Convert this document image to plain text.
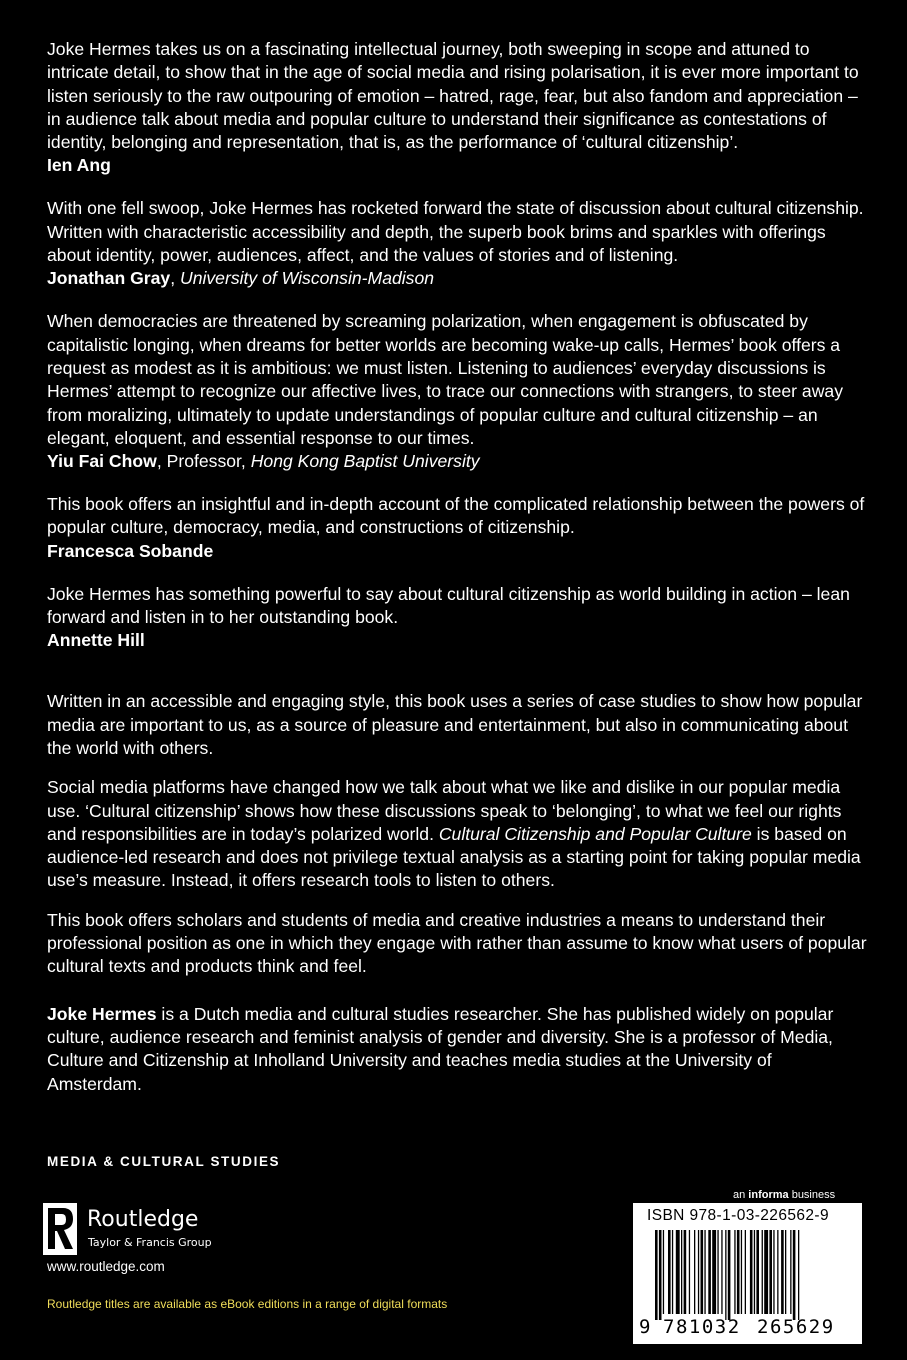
Joke Hermes takes us on a fascinating intellectual journey, both sweeping in scope and attuned to intricate detail, to show that in the age of social media and rising polarisation, it is ever more important to listen seriously to the raw outpouring of emotion – hatred, rage, fear, but also fandom and appreciation – in audience talk about media and popular culture to understand their significance as contestations of identity, belonging and representation, that is, as the performance of ‘cultural citizenship’.

Ien Ang

With one fell swoop, Joke Hermes has rocketed forward the state of discussion about cultural citizenship. Written with characteristic accessibility and depth, the superb book brims and sparkles with offerings about identity, power, audiences, affect, and the values of stories and of listening.

Jonathan Gray, University of Wisconsin-Madison

When democracies are threatened by screaming polarization, when engagement is obfuscated by capitalistic longing, when dreams for better worlds are becoming wake-up calls, Hermes’ book offers a request as modest as it is ambitious: we must listen. Listening to audiences’ everyday discussions is Hermes’ attempt to recognize our affective lives, to trace our connections with strangers, to steer away from moralizing, ultimately to update understandings of popular culture and cultural citizenship – an elegant, eloquent, and essential response to our times.

Yiu Fai Chow, Professor, Hong Kong Baptist University

This book offers an insightful and in-depth account of the complicated relationship between the powers of popular culture, democracy, media, and constructions of citizenship.

Francesca Sobande

Joke Hermes has something powerful to say about cultural citizenship as world building in action – lean forward and listen in to her outstanding book.

Annette Hill

Written in an accessible and engaging style, this book uses a series of case studies to show how popular media are important to us, as a source of pleasure and entertainment, but also in communicating about the world with others.

Social media platforms have changed how we talk about what we like and dislike in our popular media use. ‘Cultural citizenship’ shows how these discussions speak to ‘belonging’, to what we feel our rights and responsibilities are in today’s polarized world. Cultural Citizenship and Popular Culture is based on audience-led research and does not privilege textual analysis as a starting point for taking popular media use’s measure. Instead, it offers research tools to listen to others.

This book offers scholars and students of media and creative industries a means to understand their professional position as one in which they engage with rather than assume to know what users of popular cultural texts and products think and feel.

Joke Hermes is a Dutch media and cultural studies researcher. She has published widely on popular culture, audience research and feminist analysis of gender and diversity. She is a professor of Media, Culture and Citizenship at Inholland University and teaches media studies at the University of Amsterdam.

MEDIA & CULTURAL STUDIES
Routledge
Taylor & Francis Group
www.routledge.com
Routledge titles are available as eBook editions in a range of digital formats
an informa business
ISBN 978-1-03-226562-9
9 781032 265629
